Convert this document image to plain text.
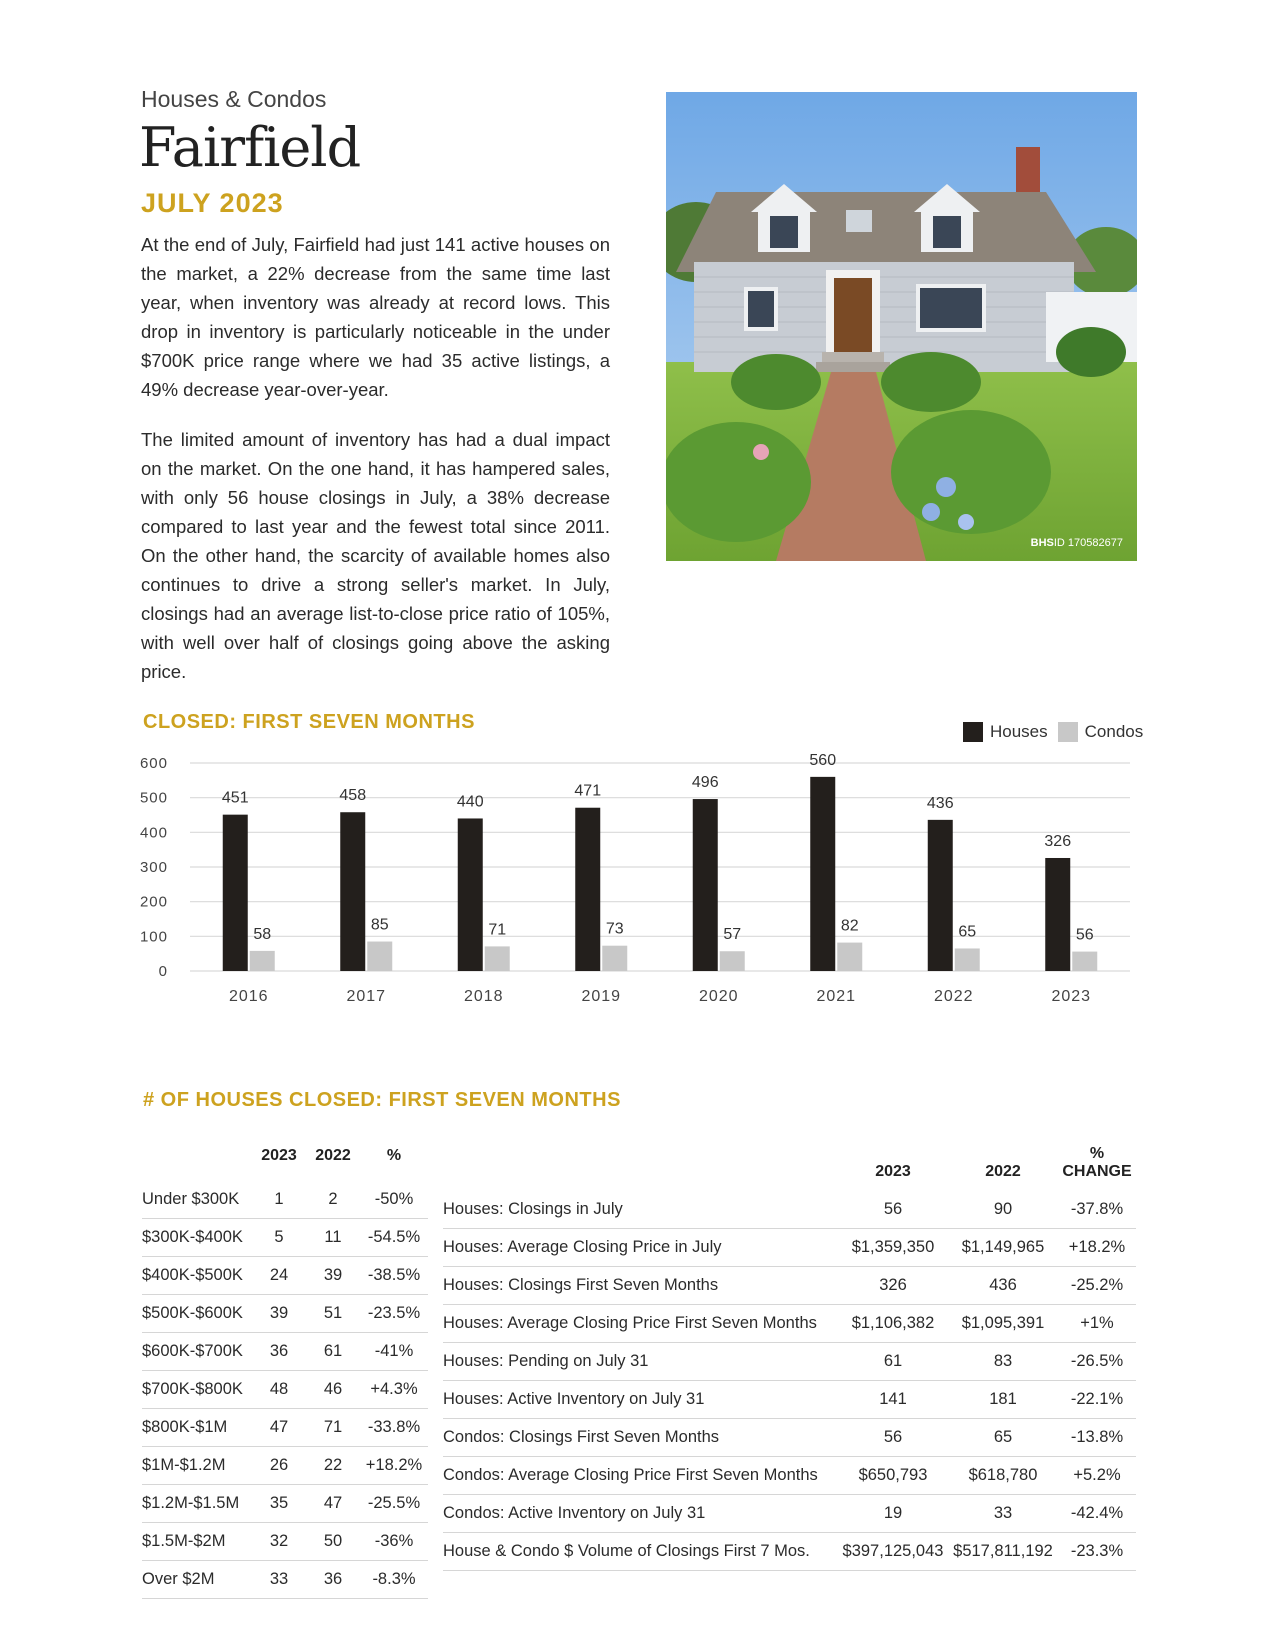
Houses & Condos
Fairfield
JULY 2023
At the end of July, Fairfield had just 141 active houses on the market, a 22% decrease from the same time last year, when inventory was already at record lows. This drop in inventory is particularly noticeable in the under $700K price range where we had 35 active listings, a 49% decrease year-over-year.
The limited amount of inventory has had a dual impact on the market. On the one hand, it has hampered sales, with only 56 house closings in July, a 38% decrease compared to last year and the fewest total since 2011. On the other hand, the scarcity of available homes also continues to drive a strong seller's market. In July, closings had an average list-to-close price ratio of 105%, with well over half of closings going above the asking price.
BHSID 170582677
CLOSED: FIRST SEVEN MONTHS	Houses Condos
0
100
200
300
400
500
600
451
58
2016
458
85
2017
440
71
2018
471
73
2019
496
57
2020
560
82
2021
436
65
2022
326
56
2023
# OF HOUSES CLOSED: FIRST SEVEN MONTHS
	2023	2022	%
Under $300K	1	2	-50%
$300K-$400K	5	11	-54.5%
$400K-$500K	24	39	-38.5%
$500K-$600K	39	51	-23.5%
$600K-$700K	36	61	-41%
$700K-$800K	48	46	+4.3%
$800K-$1M	47	71	-33.8%
$1M-$1.2M	26	22	+18.2%
$1.2M-$1.5M	35	47	-25.5%
$1.5M-$2M	32	50	-36%
Over $2M	33	36	-8.3%
	2023	2022	%
CHANGE
Houses: Closings in July	56	90	-37.8%
Houses: Average Closing Price in July	$1,359,350	$1,149,965	+18.2%
Houses: Closings First Seven Months	326	436	-25.2%
Houses: Average Closing Price First Seven Months	$1,106,382	$1,095,391	+1%
Houses: Pending on July 31	61	83	-26.5%
Houses: Active Inventory on July 31	141	181	-22.1%
Condos: Closings First Seven Months	56	65	-13.8%
Condos: Average Closing Price First Seven Months	$650,793	$618,780	+5.2%
Condos: Active Inventory on July 31	19	33	-42.4%
House & Condo $ Volume of Closings First 7 Mos.	$397,125,043	$517,811,192	-23.3%
